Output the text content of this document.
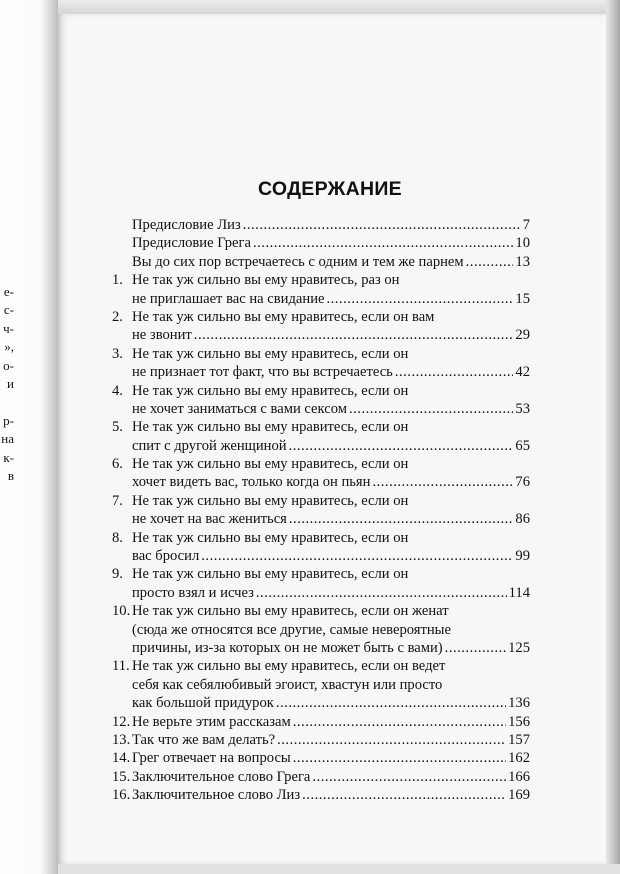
е-
с-
ч-
»,
о-
и
р-
на
к-
в
СОДЕРЖАНИЕ
Предисловие Лиз .....	7
Предисловие Грега .....	10
Вы до сих пор встречаетесь с одним и тем же парнем .....	13
1. Не так уж сильно вы ему нравитесь, раз он
не приглашает вас на свидание .....	15
2. Не так уж сильно вы ему нравитесь, если он вам
не звонит .....	29
3. Не так уж сильно вы ему нравитесь, если он
не признает тот факт, что вы встречаетесь .....	42
4. Не так уж сильно вы ему нравитесь, если он
не хочет заниматься с вами сексом .....	53
5. Не так уж сильно вы ему нравитесь, если он
спит с другой женщиной .....	65
6. Не так уж сильно вы ему нравитесь, если он
хочет видеть вас, только когда он пьян .....	76
7. Не так уж сильно вы ему нравитесь, если он
не хочет на вас жениться .....	86
8. Не так уж сильно вы ему нравитесь, если он
вас бросил .....	99
9. Не так уж сильно вы ему нравитесь, если он
просто взял и исчез .....	114
10. Не так уж сильно вы ему нравитесь, если он женат
(сюда же относятся все другие, самые невероятные
причины, из-за которых он не может быть с вами) .....	125
11. Не так уж сильно вы ему нравитесь, если он ведет
себя как себялюбивый эгоист, хвастун или просто
как большой придурок .....	136
12. Не верьте этим рассказам .....	156
13. Так что же вам делать? .....	157
14. Грег отвечает на вопросы .....	162
15. Заключительное слово Грега .....	166
16. Заключительное слово Лиз .....	169
